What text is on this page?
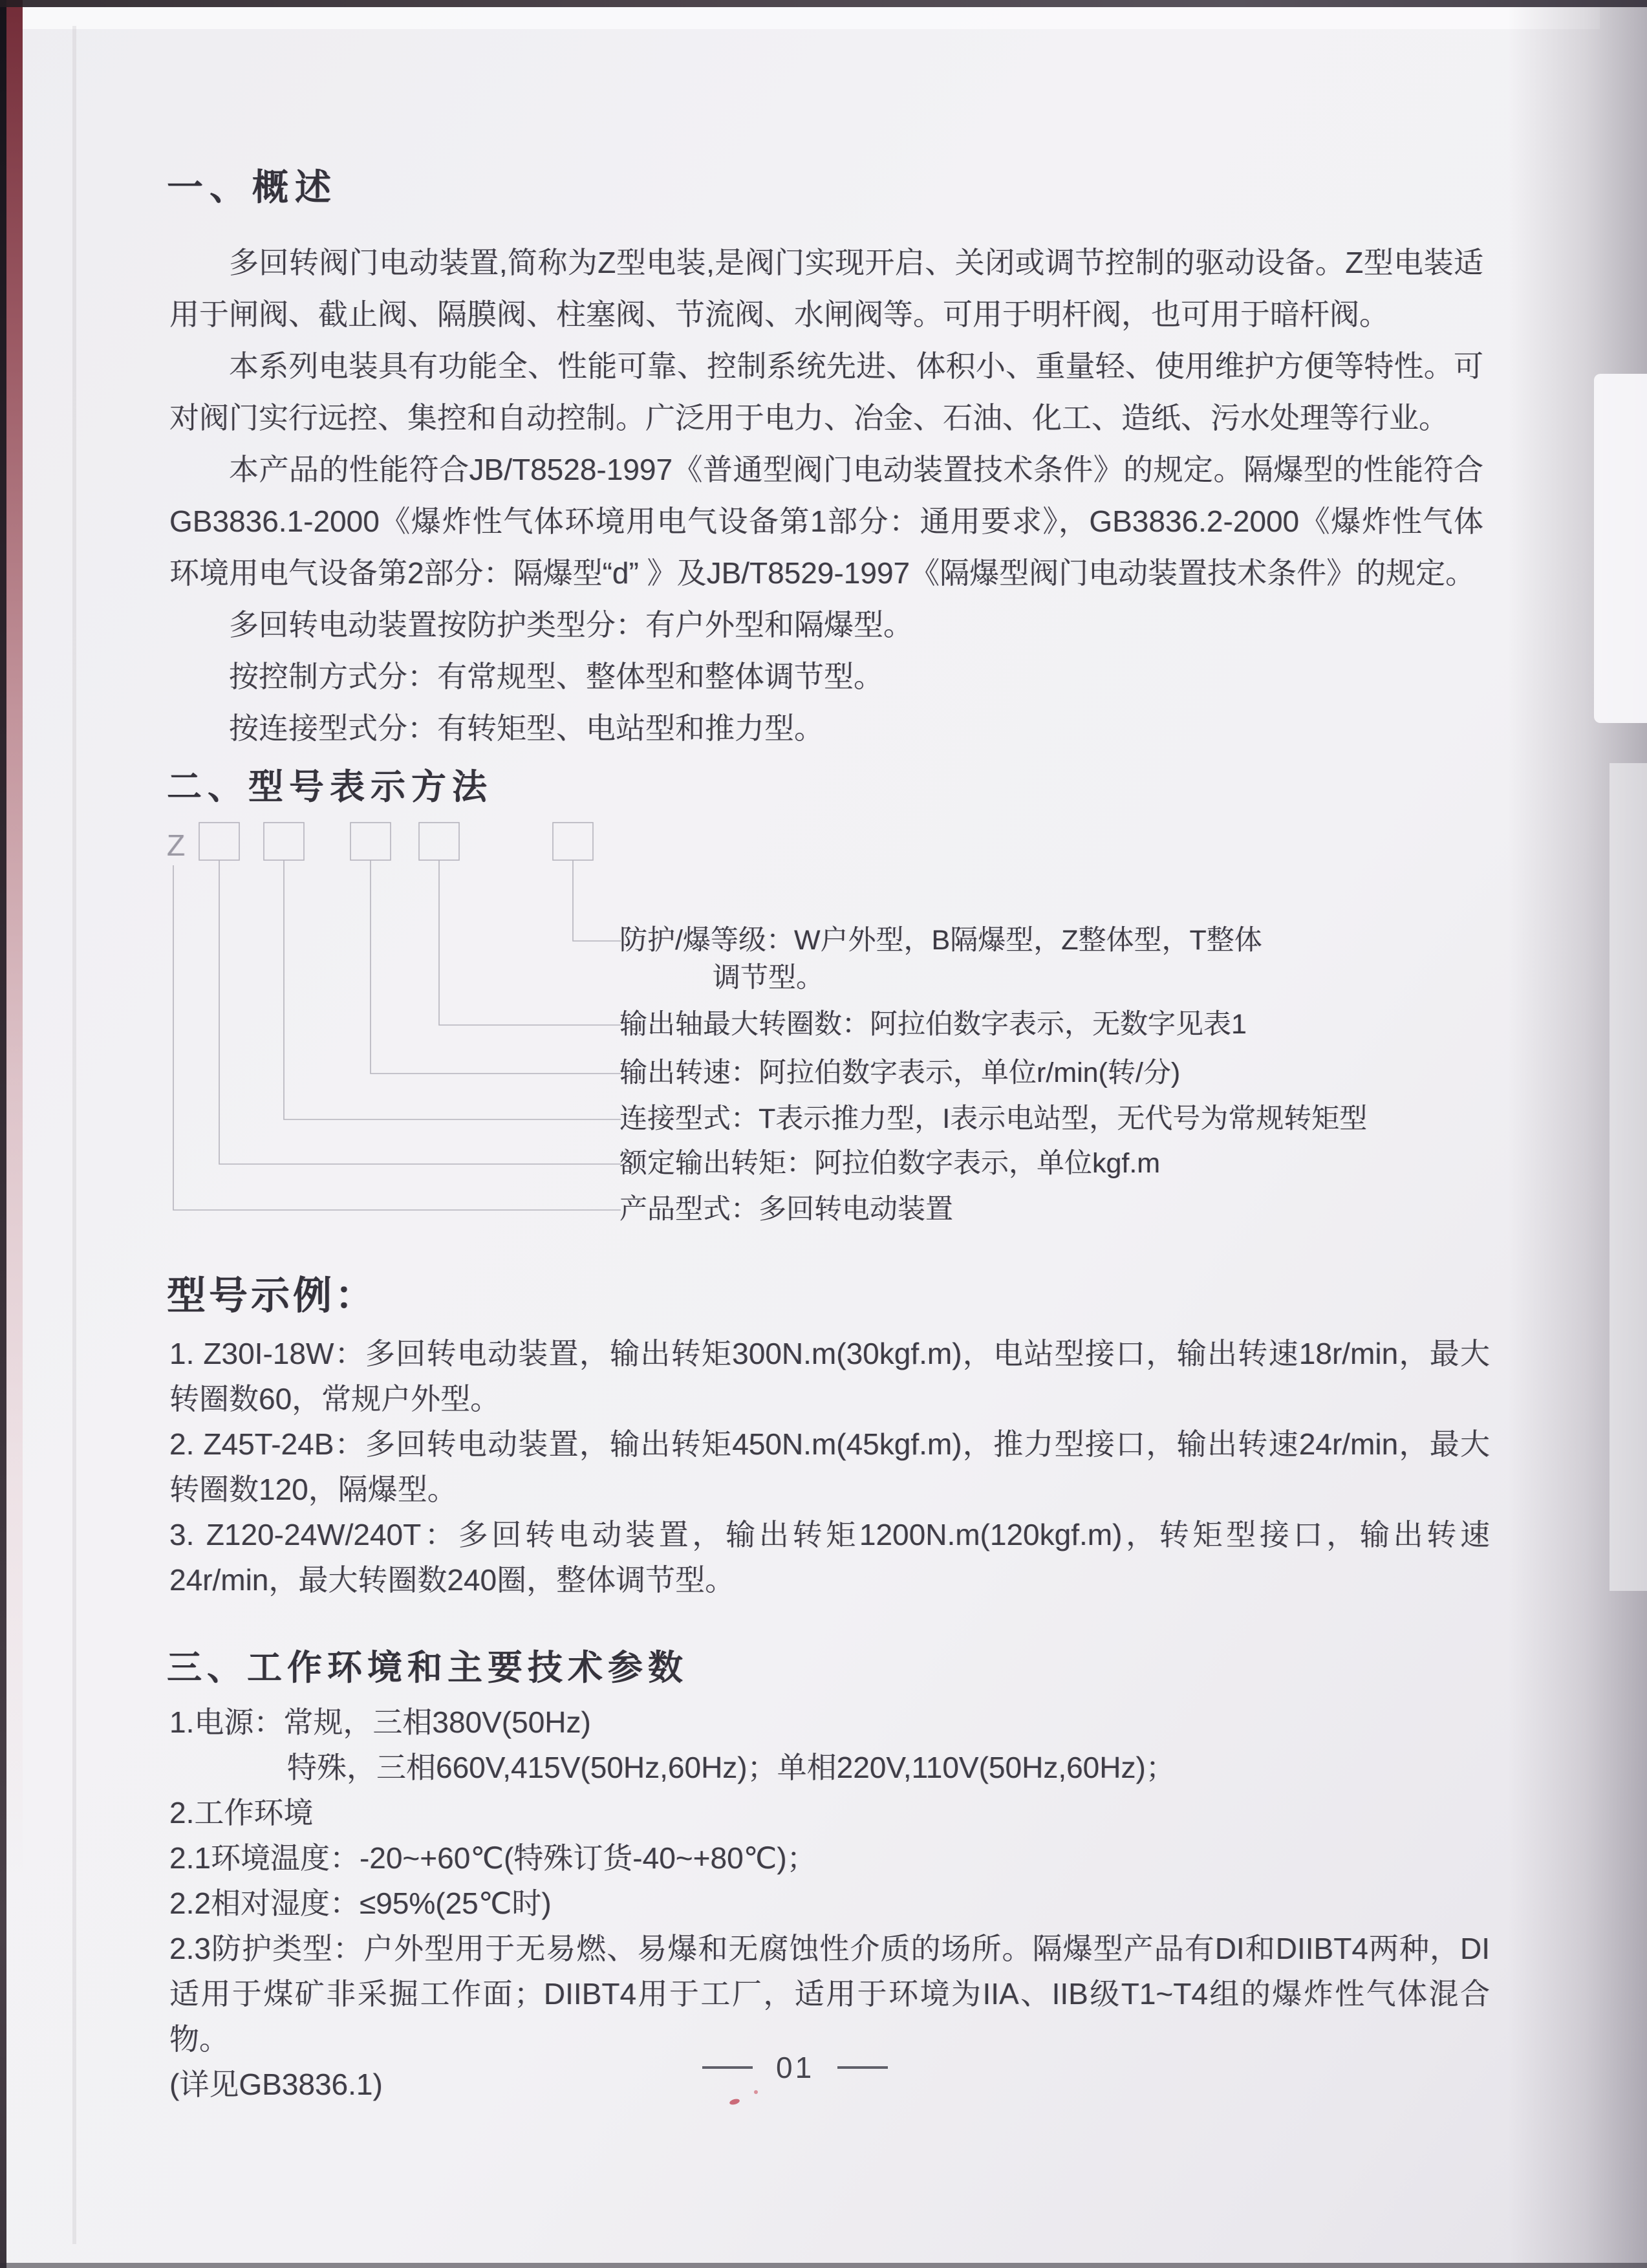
一、概述

多回转阀门电动装置,简称为Z型电装,是阀门实现开启、关闭或调节控制的驱动设备。Z型电装适用于闸阀、截止阀、隔膜阀、柱塞阀、节流阀、水闸阀等。可用于明杆阀，也可用于暗杆阀。

本系列电装具有功能全、性能可靠、控制系统先进、体积小、重量轻、使用维护方便等特性。可对阀门实行远控、集控和自动控制。广泛用于电力、冶金、石油、化工、造纸、污水处理等行业。

本产品的性能符合JB/T8528-1997《普通型阀门电动装置技术条件》的规定。隔爆型的性能符合GB3836.1-2000《爆炸性气体环境用电气设备第1部分：通用要求》，GB3836.2-2000《爆炸性气体环境用电气设备第2部分：隔爆型“d” 》及JB/T8529-1997《隔爆型阀门电动装置技术条件》的规定。

多回转电动装置按防护类型分：有户外型和隔爆型。

按控制方式分：有常规型、整体型和整体调节型。

按连接型式分：有转矩型、电站型和推力型。

二、型号表示方法
Z
防护/爆等级：W户外型，B隔爆型，Z整体型，T整体
调节型。
输出轴最大转圈数：阿拉伯数字表示，无数字见表1
输出转速：阿拉伯数字表示，单位r/min(转/分)
连接型式：T表示推力型，I表示电站型，无代号为常规转矩型
额定输出转矩：阿拉伯数字表示，单位kgf.m
产品型式：多回转电动装置
型号示例：

1. Z30I-18W：多回转电动装置，输出转矩300N.m(30kgf.m)，电站型接口，输出转速18r/min，最大转圈数60，常规户外型。

2. Z45T-24B：多回转电动装置，输出转矩450N.m(45kgf.m)，推力型接口，输出转速24r/min，最大转圈数120，隔爆型。

3. Z120-24W/240T：多回转电动装置，输出转矩1200N.m(120kgf.m)，转矩型接口，输出转速24r/min，最大转圈数240圈，整体调节型。

三、工作环境和主要技术参数

1.电源：常规，三相380V(50Hz)

特殊，三相660V,415V(50Hz,60Hz)；单相220V,110V(50Hz,60Hz)；

2.工作环境

2.1环境温度：-20~+60℃(特殊订货-40~+80℃)；

2.2相对湿度：≤95%(25℃时)

2.3防护类型：户外型用于无易燃、易爆和无腐蚀性介质的场所。隔爆型产品有DI和DIIBT4两种，DI适用于煤矿非采掘工作面；DIIBT4用于工厂，适用于环境为IIA、IIB级T1~T4组的爆炸性气体混合物。

(详见GB3836.1)	01
